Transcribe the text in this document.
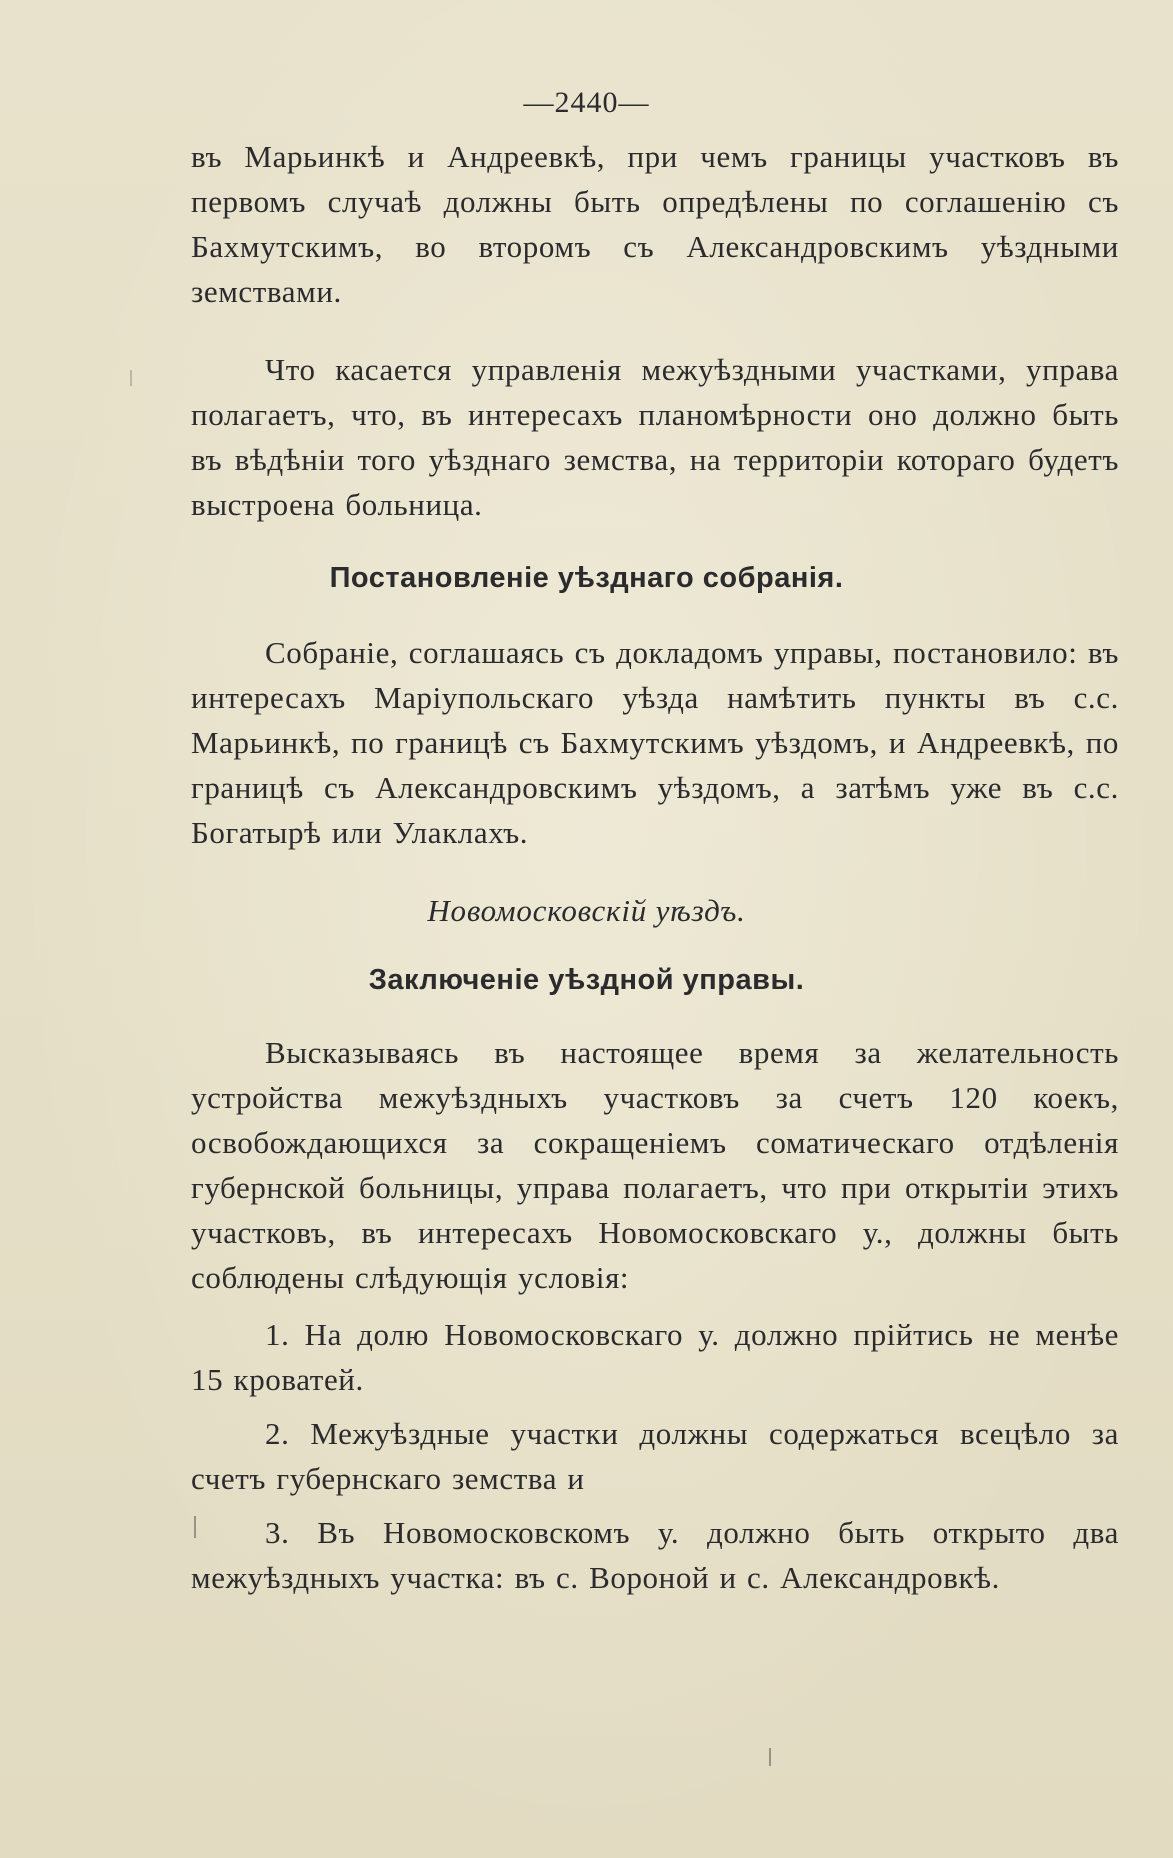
—2440—

въ Марьинкѣ и Андреевкѣ, при чемъ границы участковъ въ первомъ случаѣ должны быть опредѣлены по соглашенію съ Бахмутскимъ, во второмъ съ Александровскимъ уѣздными земствами.

Что касается управленія межуѣздными участками, управа полагаетъ, что, въ интересахъ планомѣрности оно должно быть въ вѣдѣніи того уѣзднаго земства, на территоріи котораго будетъ выстроена больница.

Постановленіе уѣзднаго собранія.

Собраніе, соглашаясь съ докладомъ управы, постановило: въ интересахъ Маріупольскаго уѣзда намѣтить пункты въ с.с. Марьинкѣ, по границѣ съ Бахмутскимъ уѣздомъ, и Андреевкѣ, по границѣ съ Александровскимъ уѣздомъ, а затѣмъ уже въ с.с. Богатырѣ или Улаклахъ.

Новомосковскій уѣздъ.
Заключеніе уѣздной управы.

Высказываясь въ настоящее время за желательность устройства межуѣздныхъ участковъ за счетъ 120 коекъ, освобождающихся за сокращеніемъ соматическаго отдѣленія губернской больницы, управа полагаетъ, что при открытіи этихъ участковъ, въ интересахъ Новомосковскаго у., должны быть соблюдены слѣдующія условія:

1. На долю Новомосковскаго у. должно прійтись не менѣе 15 кроватей.

2. Межуѣздные участки должны содержаться всецѣло за счетъ губернскаго земства и

3. Въ Новомосковскомъ у. должно быть открыто два межуѣздныхъ участка: въ с. Вороной и с. Александровкѣ.
